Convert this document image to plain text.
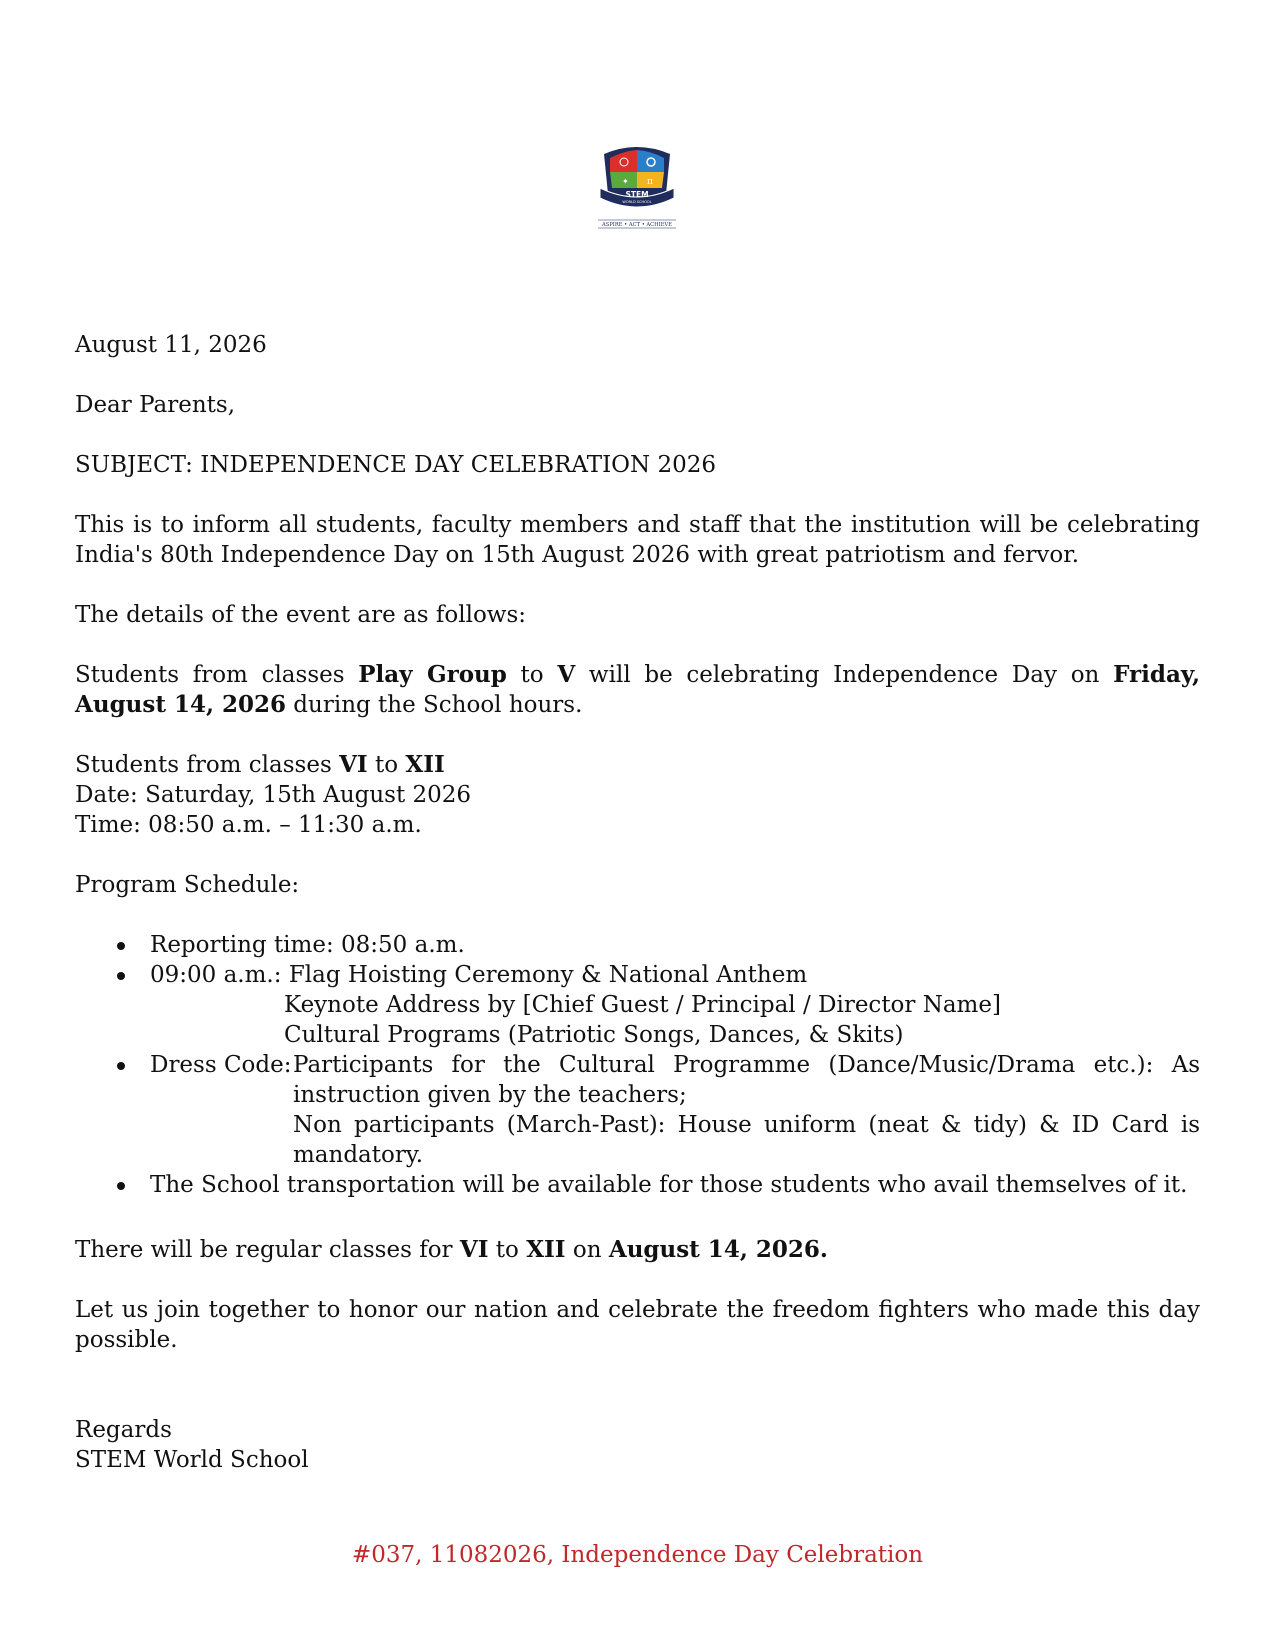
✦ π
STEM
WORLD SCHOOL
ASPIRE • ACT • ACHIEVE

August 11, 2026

Dear Parents,

SUBJECT: INDEPENDENCE DAY CELEBRATION 2026

This is to inform all students, faculty members and staff that the institution will be celebrating India's 80th Independence Day on 15th August 2026 with great patriotism and fervor.

The details of the event are as follows:

Students from classes Play Group to V will be celebrating Independence Day on Friday, August 14, 2026 during the School hours.

Students from classes VI to XII
Date: Saturday, 15th August 2026
Time: 08:50 a.m. – 11:30 a.m.

Program Schedule:

Reporting time: 08:50 a.m.
09:00 a.m.: Flag Hoisting Ceremony & National Anthem
Keynote Address by [Chief Guest / Principal / Director Name]
Cultural Programs (Patriotic Songs, Dances, & Skits)
Dress Code: Participants for the Cultural Programme (Dance/Music/Drama etc.): As instruction given by the teachers;
Non participants (March-Past): House uniform (neat & tidy) & ID Card is mandatory.
The School transportation will be available for those students who avail themselves of it.

There will be regular classes for VI to XII on August 14, 2026.

Let us join together to honor our nation and celebrate the freedom fighters who made this day possible.

Regards

STEM World School

#037, 11082026, Independence Day Celebration
